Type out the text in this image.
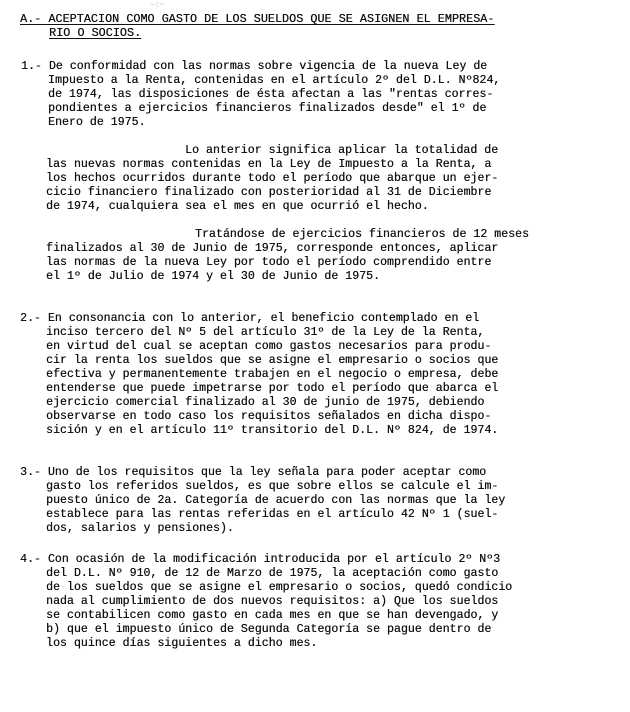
~:~
A.- ACEPTACION COMO GASTO DE LOS SUELDOS QUE SE ASIGNEN EL EMPRESA-
RIO O SOCIOS.
1.- De conformidad con las normas sobre vigencia de la nueva Ley de
Impuesto a la Renta, contenidas en el artículo 2º del D.L. Nº824,
de 1974, las disposiciones de ésta afectan a las "rentas corres-
pondientes a ejercicios financieros finalizados desde" el 1º de
Enero de 1975.
Lo anterior significa aplicar la totalidad de
las nuevas normas contenidas en la Ley de Impuesto a la Renta, a
los hechos ocurridos durante todo el período que abarque un ejer-
cicio financiero finalizado con posterioridad al 31 de Diciembre
de 1974, cualquiera sea el mes en que ocurrió el hecho.
Tratándose de ejercicios financieros de 12 meses
finalizados al 30 de Junio de 1975, corresponde entonces, aplicar
las normas de la nueva Ley por todo el período comprendido entre
el 1º de Julio de 1974 y el 30 de Junio de 1975.
2.- En consonancia con lo anterior, el beneficio contemplado en el
inciso tercero del Nº 5 del artículo 31º de la Ley de la Renta,
en virtud del cual se aceptan como gastos necesarios para produ-
cir la renta los sueldos que se asigne el empresario o socios que
efectiva y permanentemente trabajen en el negocio o empresa, debe
entenderse que puede impetrarse por todo el período que abarca el
ejercicio comercial finalizado al 30 de junio de 1975, debiendo
observarse en todo caso los requisitos señalados en dicha dispo-
sición y en el artículo 11º transitorio del D.L. Nº 824, de 1974.
3.- Uno de los requisitos que la ley señala para poder aceptar como
gasto los referidos sueldos, es que sobre ellos se calcule el im-
puesto único de 2a. Categoría de acuerdo con las normas que la ley
establece para las rentas referidas en el artículo 42 Nº 1 (suel-
dos, salarios y pensiones).
4.- Con ocasión de la modificación introducida por el artículo 2º Nº3
del D.L. Nº 910, de 12 de Marzo de 1975, la aceptación como gasto
de los sueldos que se asigne el empresario o socios, quedó condicio
nada al cumplimiento de dos nuevos requisitos: a) Que los sueldos
se contabilicen como gasto en cada mes en que se han devengado, y
b) que el impuesto único de Segunda Categoría se pague dentro de
los quince días siguientes a dicho mes.
